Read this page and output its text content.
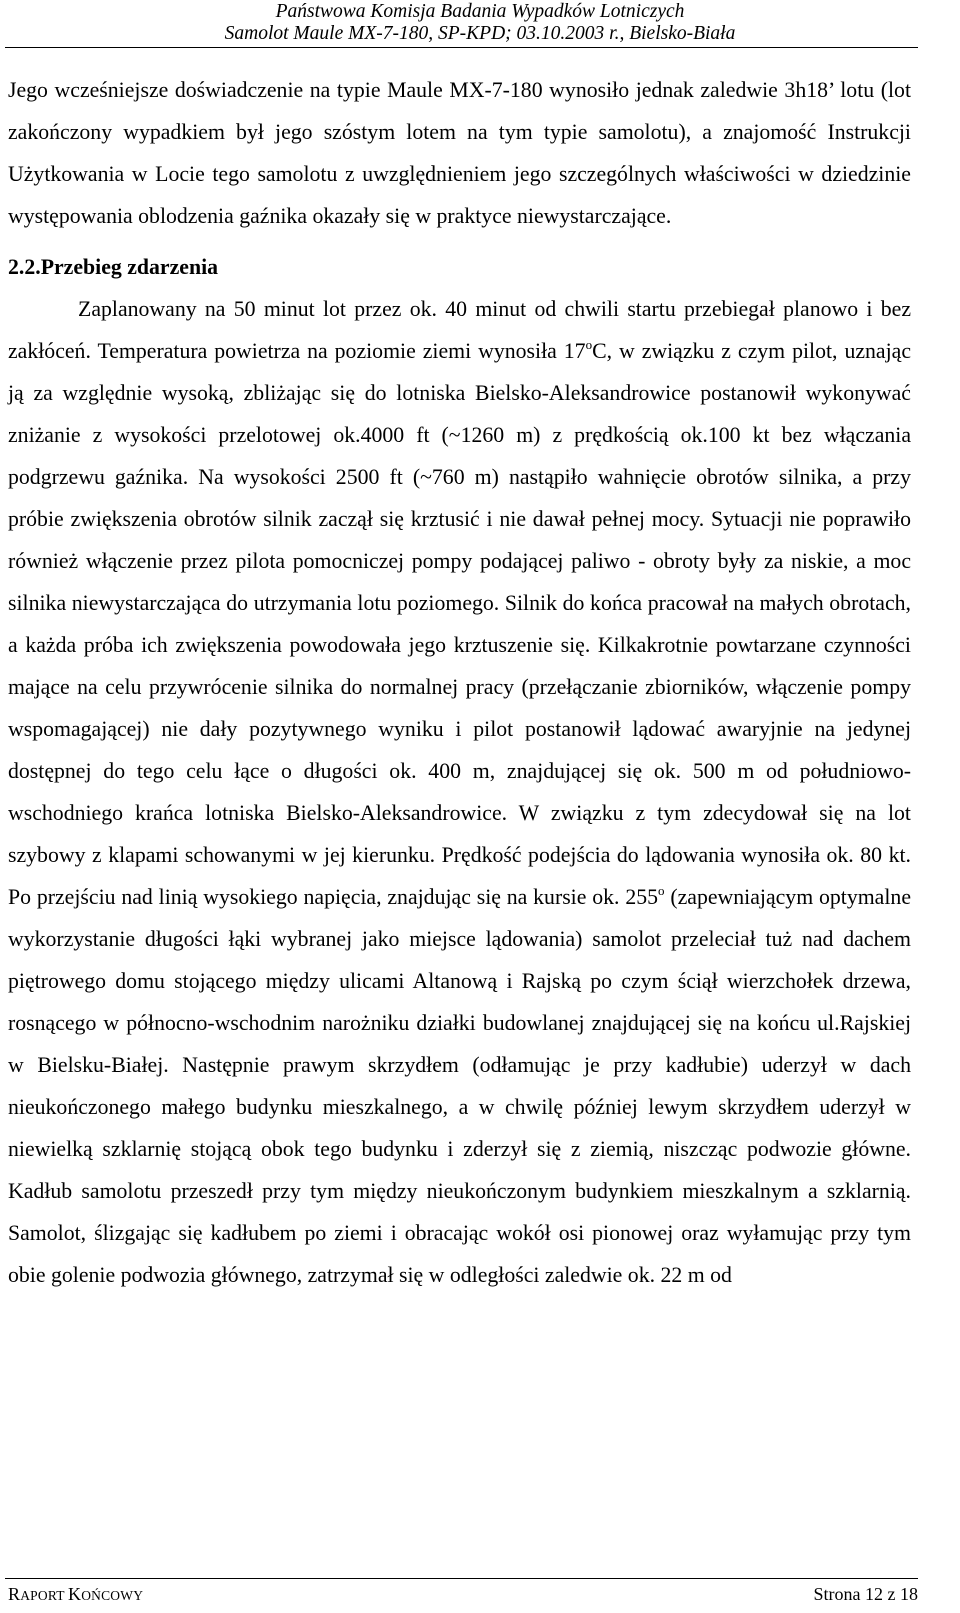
Państwowa Komisja Badania Wypadków Lotniczych
Samolot Maule MX-7-180, SP-KPD; 03.10.2003 r., Bielsko-Biała

Jego wcześniejsze doświadczenie na typie Maule MX-7-180 wynosiło jednak zaledwie 3h18’ lotu (lot zakończony wypadkiem był jego szóstym lotem na tym typie samolotu), a znajomość Instrukcji Użytkowania w Locie tego samolotu z uwzględnieniem jego szczególnych właściwości w dziedzinie występowania oblodzenia gaźnika okazały się w praktyce niewystarczające.

2.2.Przebieg zdarzenia

Zaplanowany na 50 minut lot przez ok. 40 minut od chwili startu przebiegał planowo i bez zakłóceń. Temperatura powietrza na poziomie ziemi wynosiła 17$^o$C, w związku z czym pilot, uznając ją za względnie wysoką, zbliżając się do lotniska Bielsko-Aleksandrowice postanowił wykonywać zniżanie z wysokości przelotowej ok.4000 ft (~1260 m) z prędkością ok.100 kt bez włączania podgrzewu gaźnika. Na wysokości 2500 ft (~760 m) nastąpiło wahnięcie obrotów silnika, a przy próbie zwiększenia obrotów silnik zaczął się krztusić i nie dawał pełnej mocy. Sytuacji nie poprawiło również włączenie przez pilota pomocniczej pompy podającej paliwo - obroty były za niskie, a moc silnika niewystarczająca do utrzymania lotu poziomego. Silnik do końca pracował na małych obrotach, a każda próba ich zwiększenia powodowała jego krztuszenie się. Kilkakrotnie powtarzane czynności mające na celu przywrócenie silnika do normalnej pracy (przełączanie zbiorników, włączenie pompy wspomagającej) nie dały pozytywnego wyniku i pilot postanowił lądować awaryjnie na jedynej dostępnej do tego celu łące o długości ok. 400 m, znajdującej się ok. 500 m od południowo-wschodniego krańca lotniska Bielsko-Aleksandrowice. W związku z tym zdecydował się na lot szybowy z klapami schowanymi w jej kierunku. Prędkość podejścia do lądowania wynosiła ok. 80 kt. Po przejściu nad linią wysokiego napięcia, znajdując się na kursie ok. 255$^o$ (zapewniającym optymalne wykorzystanie długości łąki wybranej jako miejsce lądowania) samolot przeleciał tuż nad dachem piętrowego domu stojącego między ulicami Altanową i Rajską po czym ściął wierzchołek drzewa, rosnącego w północno-wschodnim narożniku działki budowlanej znajdującej się na końcu ul.Rajskiej w Bielsku-Białej. Następnie prawym skrzydłem (odłamując je przy kadłubie) uderzył w dach nieukończonego małego budynku mieszkalnego, a w chwilę później lewym skrzydłem uderzył w niewielką szklarnię stojącą obok tego budynku i zderzył się z ziemią, niszcząc podwozie główne. Kadłub samolotu przeszedł przy tym między nieukończonym budynkiem mieszkalnym a szklarnią. Samolot, ślizgając się kadłubem po ziemi i obracając wokół osi pionowej oraz wyłamując przy tym obie golenie podwozia głównego, zatrzymał się w odległości zaledwie ok. 22 m od

RAPORT KOŃCOWY	Strona 12 z 18
